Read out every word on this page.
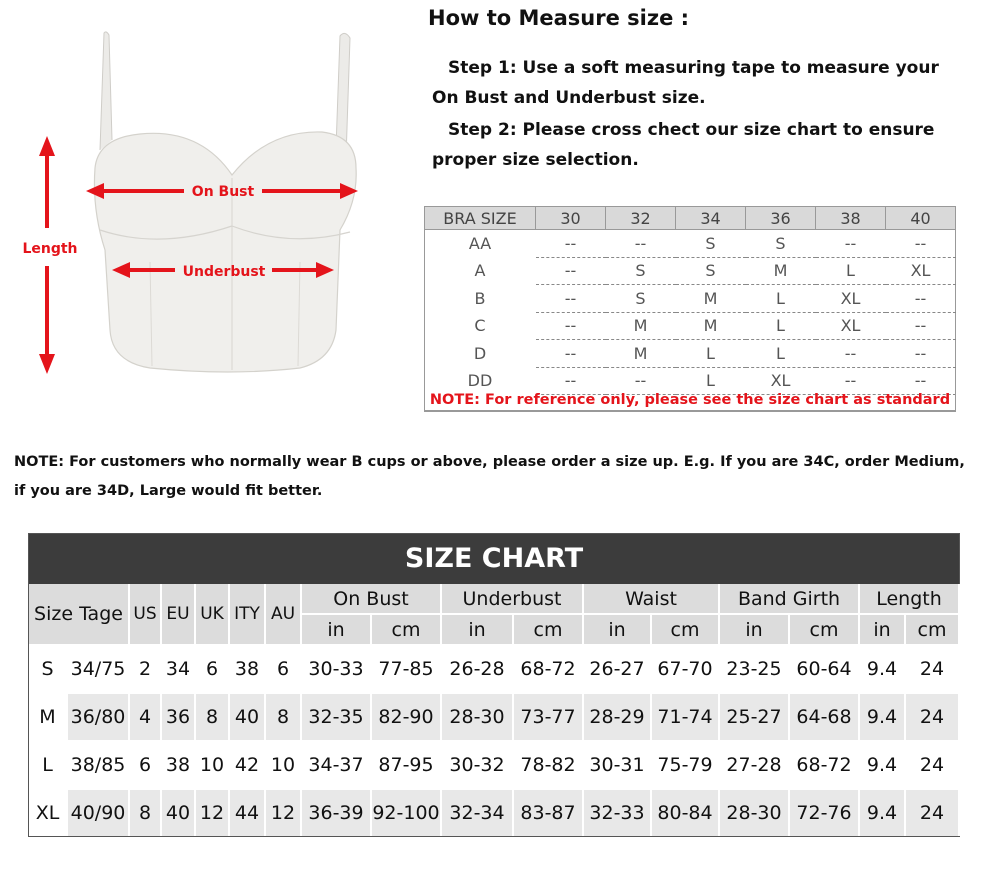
Length
On Bust
Underbust
How to Measure size :
Step 1: Use a soft measuring tape to measure your
On Bust and Underbust size.
Step 2: Please cross chect our size chart to ensure
proper size selection.
BRA SIZE	30	32	34	36	38	40
AA	--	--	S	S	--	--
A	--	S	S	M	L	XL
B	--	S	M	L	XL	--
C	--	M	M	L	XL	--
D	--	M	L	L	--	--
DD	--	--	L	XL	--	--
NOTE: For reference only, please see the size chart as standard
NOTE: For customers who normally wear B cups or above, please order a size up. E.g. If you are 34C, order Medium,
if you are 34D, Large would fit better.
SIZE CHART
Size Tage		US	EU	UK	ITY	AU	On Bust		Underbust		Waist		Band Girth		Length	
							in	cm	in	cm	in	cm	in	cm	in	cm
S	34/75	2	34	6	38	6	30-33	77-85	26-28	68-72	26-27	67-70	23-25	60-64	9.4	24
M	36/80	4	36	8	40	8	32-35	82-90	28-30	73-77	28-29	71-74	25-27	64-68	9.4	24
L	38/85	6	38	10	42	10	34-37	87-95	30-32	78-82	30-31	75-79	27-28	68-72	9.4	24
XL	40/90	8	40	12	44	12	36-39	92-100	32-34	83-87	32-33	80-84	28-30	72-76	9.4	24
